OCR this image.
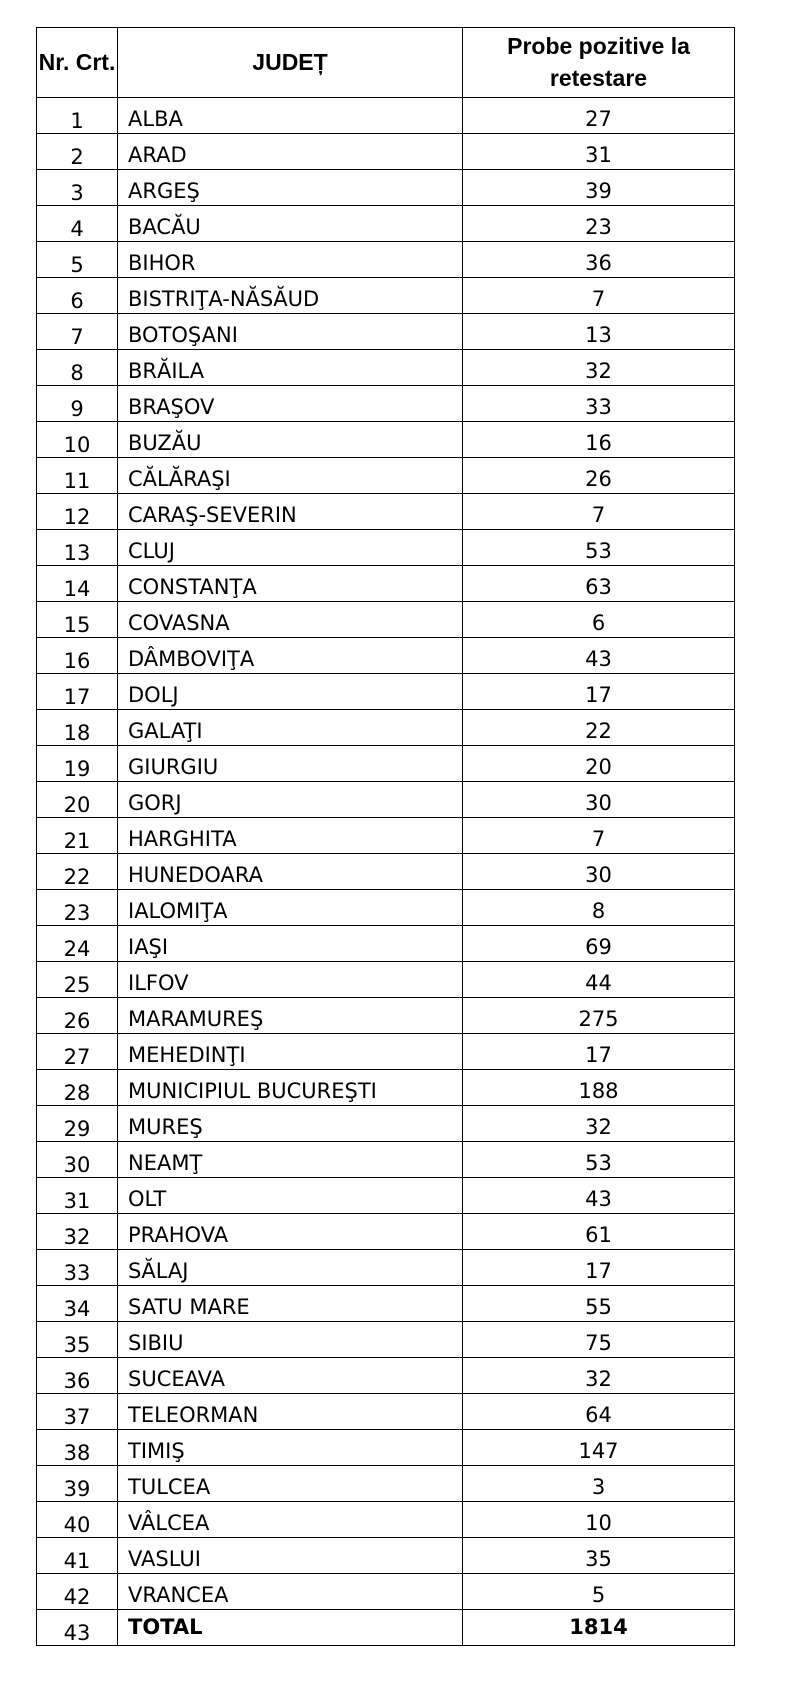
Nr. Crt.	JUDEȚ	Probe pozitive la retestare
1	ALBA	27
2	ARAD	31
3	ARGEŞ	39
4	BACĂU	23
5	BIHOR	36
6	BISTRIŢA-NĂSĂUD	7
7	BOTOŞANI	13
8	BRĂILA	32
9	BRAŞOV	33
10	BUZĂU	16
11	CĂLĂRAŞI	26
12	CARAŞ-SEVERIN	7
13	CLUJ	53
14	CONSTANŢA	63
15	COVASNA	6
16	DÂMBOVIŢA	43
17	DOLJ	17
18	GALAŢI	22
19	GIURGIU	20
20	GORJ	30
21	HARGHITA	7
22	HUNEDOARA	30
23	IALOMIŢA	8
24	IAŞI	69
25	ILFOV	44
26	MARAMUREŞ	275
27	MEHEDINŢI	17
28	MUNICIPIUL BUCUREŞTI	188
29	MUREŞ	32
30	NEAMŢ	53
31	OLT	43
32	PRAHOVA	61
33	SĂLAJ	17
34	SATU MARE	55
35	SIBIU	75
36	SUCEAVA	32
37	TELEORMAN	64
38	TIMIŞ	147
39	TULCEA	3
40	VÂLCEA	10
41	VASLUI	35
42	VRANCEA	5
43	TOTAL	1814
